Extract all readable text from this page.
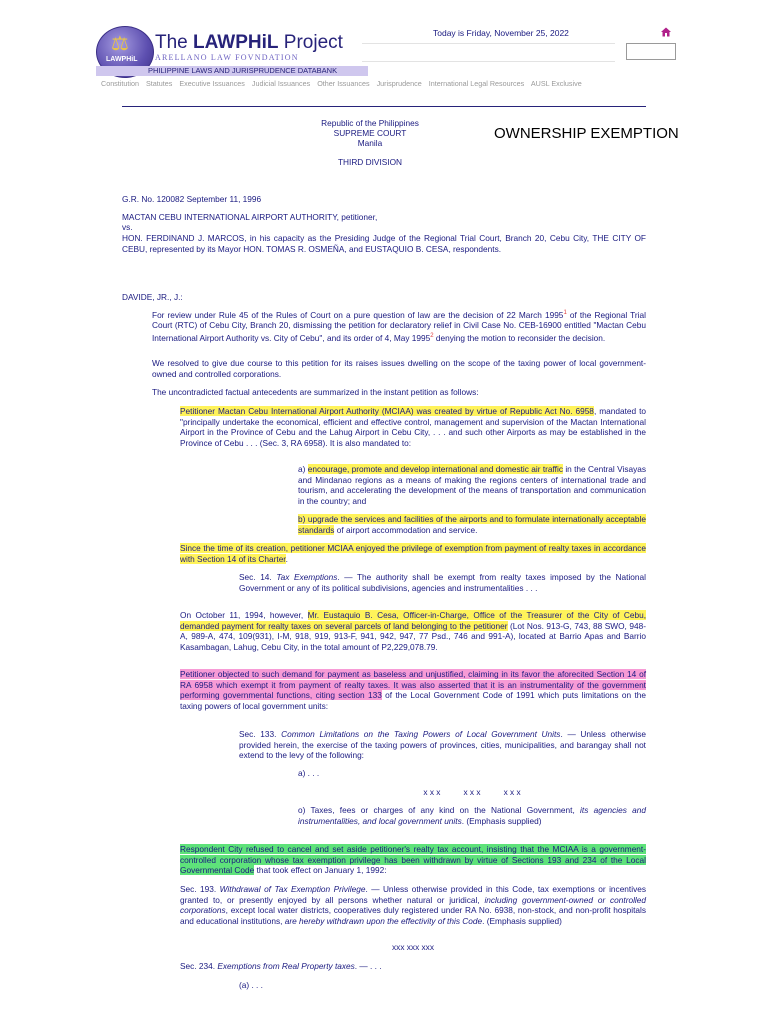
⚖
LAWPHiL
The LAWPHiL Project
ARELLANO LAW FOVNDATION
PHILIPPINE LAWS AND JURISPRUDENCE DATABANK
Today is Friday, November 25, 2022
Constitution Statutes Executive Issuances Judicial Issuances Other Issuances Jurisprudence International Legal Resources AUSL Exclusive
Republic of the Philippines
SUPREME COURT
Manila
THIRD DIVISION
OWNERSHIP EXEMPTION
G.R. No. 120082 September 11, 1996
MACTAN CEBU INTERNATIONAL AIRPORT AUTHORITY, petitioner,
vs.
HON. FERDINAND J. MARCOS, in his capacity as the Presiding Judge of the Regional Trial Court, Branch 20, Cebu City, THE CITY OF CEBU, represented by its Mayor HON. TOMAS R. OSMEÑA, and EUSTAQUIO B. CESA, respondents.
DAVIDE, JR., J.:
For review under Rule 45 of the Rules of Court on a pure question of law are the decision of 22 March 1995$^1$ of the Regional Trial Court (RTC) of Cebu City, Branch 20, dismissing the petition for declaratory relief in Civil Case No. CEB-16900 entitled "Mactan Cebu International Airport Authority vs. City of Cebu", and its order of 4, May 1995$^2$ denying the motion to reconsider the decision.
We resolved to give due course to this petition for its raises issues dwelling on the scope of the taxing power of local government-owned and controlled corporations.
The uncontradicted factual antecedents are summarized in the instant petition as follows:
Petitioner Mactan Cebu International Airport Authority (MCIAA) was created by virtue of Republic Act No. 6958, mandated to "principally undertake the economical, efficient and effective control, management and supervision of the Mactan International Airport in the Province of Cebu and the Lahug Airport in Cebu City, . . . and such other Airports as may be established in the Province of Cebu . . . (Sec. 3, RA 6958). It is also mandated to:
a) encourage, promote and develop international and domestic air traffic in the Central Visayas and Mindanao regions as a means of making the regions centers of international trade and tourism, and accelerating the development of the means of transportation and communication in the country; and
b) upgrade the services and facilities of the airports and to formulate internationally acceptable standards of airport accommodation and service.
Since the time of its creation, petitioner MCIAA enjoyed the privilege of exemption from payment of realty taxes in accordance with Section 14 of its Charter.
Sec. 14. Tax Exemptions. — The authority shall be exempt from realty taxes imposed by the National Government or any of its political subdivisions, agencies and instrumentalities . . .
On October 11, 1994, however, Mr. Eustaquio B. Cesa, Officer-in-Charge, Office of the Treasurer of the City of Cebu, demanded payment for realty taxes on several parcels of land belonging to the petitioner (Lot Nos. 913-G, 743, 88 SWO, 948-A, 989-A, 474, 109(931), I-M, 918, 919, 913-F, 941, 942, 947, 77 Psd., 746 and 991-A), located at Barrio Apas and Barrio Kasambagan, Lahug, Cebu City, in the total amount of P2,229,078.79.
Petitioner objected to such demand for payment as baseless and unjustified, claiming in its favor the aforecited Section 14 of RA 6958 which exempt it from payment of realty taxes. It was also asserted that it is an instrumentality of the government performing governmental functions, citing section 133 of the Local Government Code of 1991 which puts limitations on the taxing powers of local government units:
Sec. 133. Common Limitations on the Taxing Powers of Local Government Units. — Unless otherwise provided herein, the exercise of the taxing powers of provinces, cities, municipalities, and barangay shall not extend to the levy of the following:
a) . . .
x x x          x x x          x x x
o) Taxes, fees or charges of any kind on the National Government, its agencies and instrumentalities, and local government units. (Emphasis supplied)
Respondent City refused to cancel and set aside petitioner's realty tax account, insisting that the MCIAA is a government-controlled corporation whose tax exemption privilege has been withdrawn by virtue of Sections 193 and 234 of the Local Governmental Code that took effect on January 1, 1992:
Sec. 193. Withdrawal of Tax Exemption Privilege. — Unless otherwise provided in this Code, tax exemptions or incentives granted to, or presently enjoyed by all persons whether natural or juridical, including government-owned or controlled corporations, except local water districts, cooperatives duly registered under RA No. 6938, non-stock, and non-profit hospitals and educational institutions, are hereby withdrawn upon the effectivity of this Code. (Emphasis supplied)
xxx xxx xxx
Sec. 234. Exemptions from Real Property taxes. — . . .
(a) . . .
